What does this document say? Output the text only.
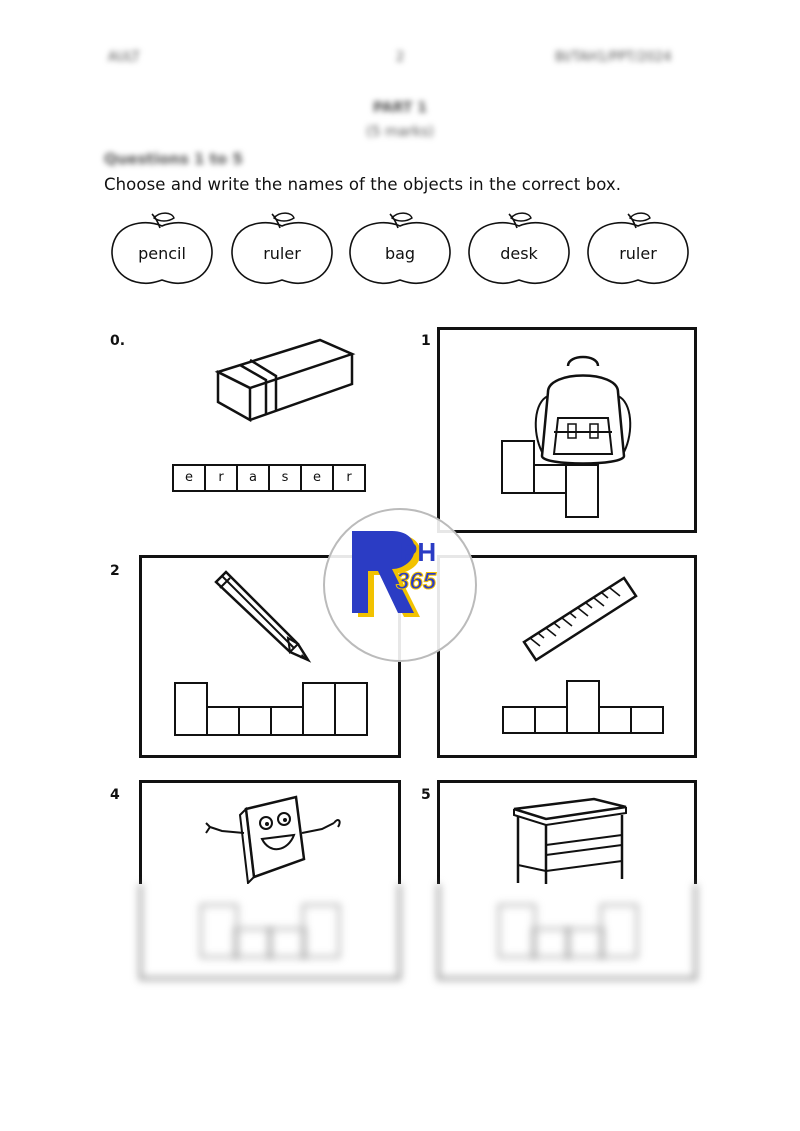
AULT	2	BI/TAH1/PPT/2024
PART 1
(5 marks)
Questions 1 to 5
Choose and write the names of the objects in the correct box.
pencil	ruler	bag	desk	ruler
0.
e	r	a	s	e	r
1
2
4	5
PH
365
